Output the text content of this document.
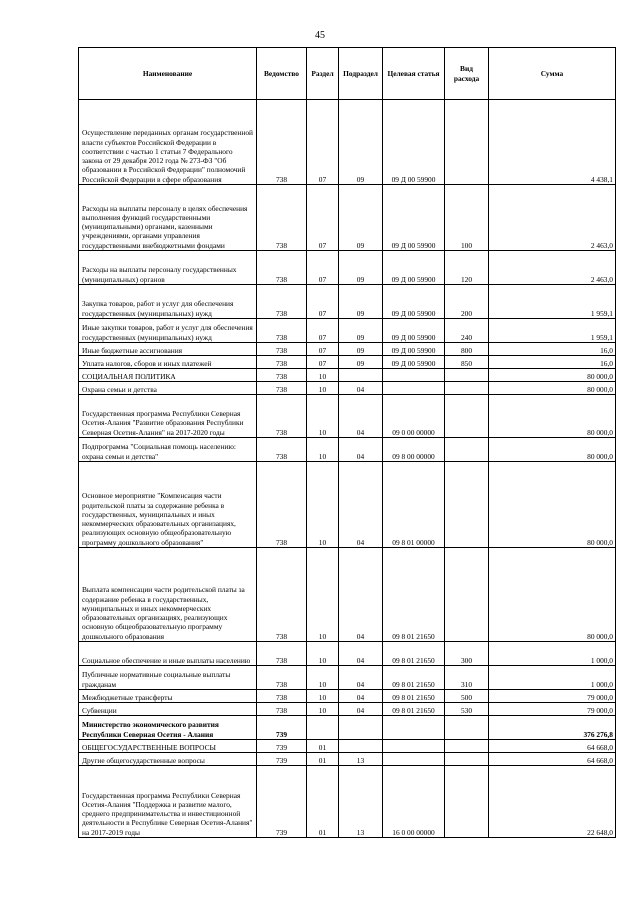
45
Наименование	Ведомство	Раздел	Подраздел	Целевая статья	Вид расхода	Сумма
Осуществление переданных органам государственной власти субъектов Российской Федерации в соответствии с частью 1 статьи 7 Федерального закона от 29 декабря 2012 года № 273-ФЗ "Об образовании в Российской Федерации" полномочий Российской Федерации в сфере образования	738	07	09	09 Д 00 59900		4 438,1
Расходы на выплаты персоналу в целях обеспечения выполнения функций государственными (муниципальными) органами, казенными учреждениями, органами управления государственными внебюджетными фондами	738	07	09	09 Д 00 59900	100	2 463,0
Расходы на выплаты персоналу государственных (муниципальных) органов	738	07	09	09 Д 00 59900	120	2 463,0
Закупка товаров, работ и услуг для обеспечения государственных (муниципальных) нужд	738	07	09	09 Д 00 59900	200	1 959,1
Иные закупки товаров, работ и услуг для обеспечения государственных (муниципальных) нужд	738	07	09	09 Д 00 59900	240	1 959,1
Иные бюджетные ассигнования	738	07	09	09 Д 00 59900	800	16,0
Уплата налогов, сборов и иных платежей	738	07	09	09 Д 00 59900	850	16,0
СОЦИАЛЬНАЯ ПОЛИТИКА	738	10				80 000,0
Охрана семьи и детства	738	10	04			80 000,0
Государственная программа Республики Северная Осетия-Алания "Развитие образования Республики Северная Осетия-Алания" на 2017-2020 годы	738	10	04	09 0 00 00000		80 000,0
Подпрограмма "Социальная помощь населению: охрана семьи и детства"	738	10	04	09 8 00 00000		80 000,0
Основное мероприятие "Компенсация части родительской платы за содержание ребенка в государственных, муниципальных и иных некоммерческих образовательных организациях, реализующих основную общеобразовательную программу дошкольного образования"	738	10	04	09 8 01 00000		80 000,0
Выплата компенсации части родительской платы за содержание ребенка в государственных, муниципальных и иных некоммерческих образовательных организациях, реализующих основную общеобразовательную программу дошкольного образования	738	10	04	09 8 01 21650		80 000,0
Социальное обеспечение и иные выплаты населению	738	10	04	09 8 01 21650	300	1 000,0
Публичные нормативные социальные выплаты гражданам	738	10	04	09 8 01 21650	310	1 000,0
Межбюджетные трансферты	738	10	04	09 8 01 21650	500	79 000,0
Субвенции	738	10	04	09 8 01 21650	530	79 000,0
Министерство экономического развития Республики Северная Осетия - Алания	739					376 276,8
ОБЩЕГОСУДАРСТВЕННЫЕ ВОПРОСЫ	739	01				64 668,0
Другие общегосударственные вопросы	739	01	13			64 668,0
Государственная программа Республики Северная Осетия-Алания "Поддержка и развитие малого, среднего предпринимательства и инвестиционной деятельности в Республике Северная Осетия-Алания" на 2017-2019 годы	739	01	13	16 0 00 00000		22 648,0
